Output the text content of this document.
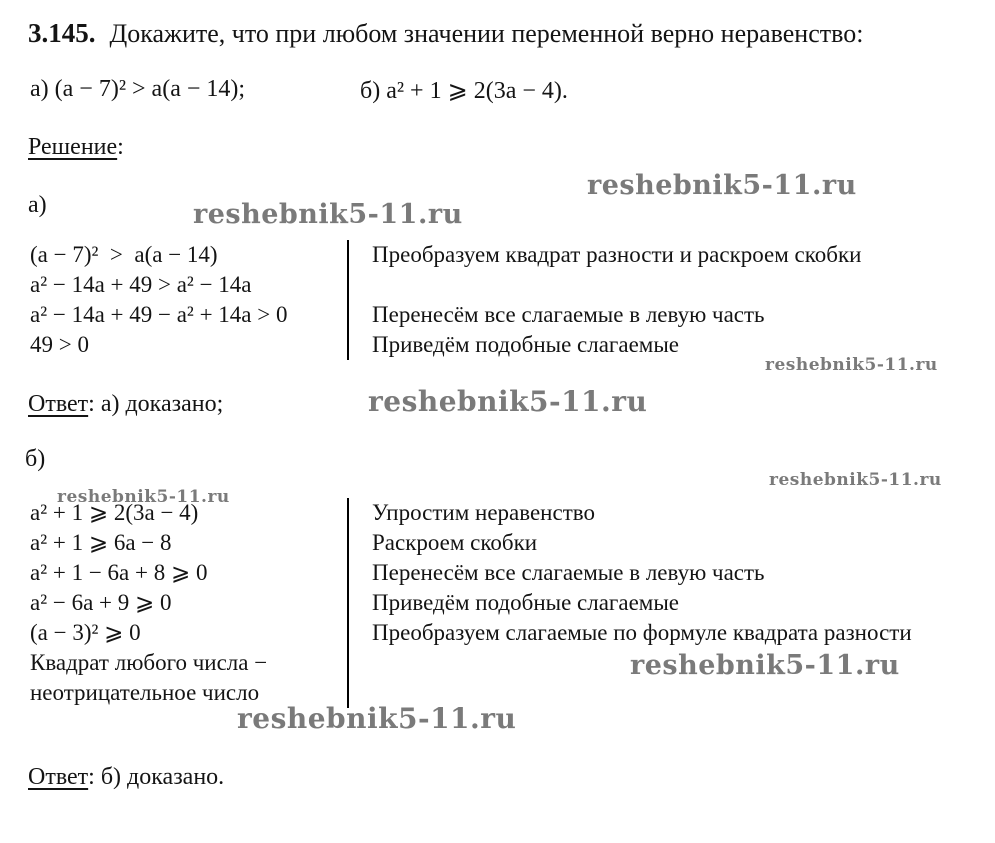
3.145. Докажите, что при любом значении переменной верно неравенство:
а) (a − 7)² > a(a − 14);	б) a² + 1 ⩾ 2(3a − 4).
Решение:
а)
(a − 7)²  >  a(a − 14)
a² − 14a + 49 > a² − 14a
a² − 14a + 49 − a² + 14a > 0
49 > 0
Преобразуем квадрат разности и раскроем скобки
Перенесём все слагаемые в левую часть
Приведём подобные слагаемые
Ответ: а) доказано;
б)
a² + 1 ⩾ 2(3a − 4)
a² + 1 ⩾ 6a − 8
a² + 1 − 6a + 8 ⩾ 0
a² − 6a + 9 ⩾ 0
(a − 3)² ⩾ 0
Квадрат любого числа −
неотрицательное число
Упростим неравенство
Раскроем скобки
Перенесём все слагаемые в левую часть
Приведём подобные слагаемые
Преобразуем слагаемые по формуле квадрата разности
Ответ: б) доказано.
reshebnik5-11.ru
reshebnik5-11.ru
reshebnik5-11.ru
reshebnik5-11.ru
reshebnik5-11.ru
reshebnik5-11.ru
reshebnik5-11.ru
reshebnik5-11.ru
